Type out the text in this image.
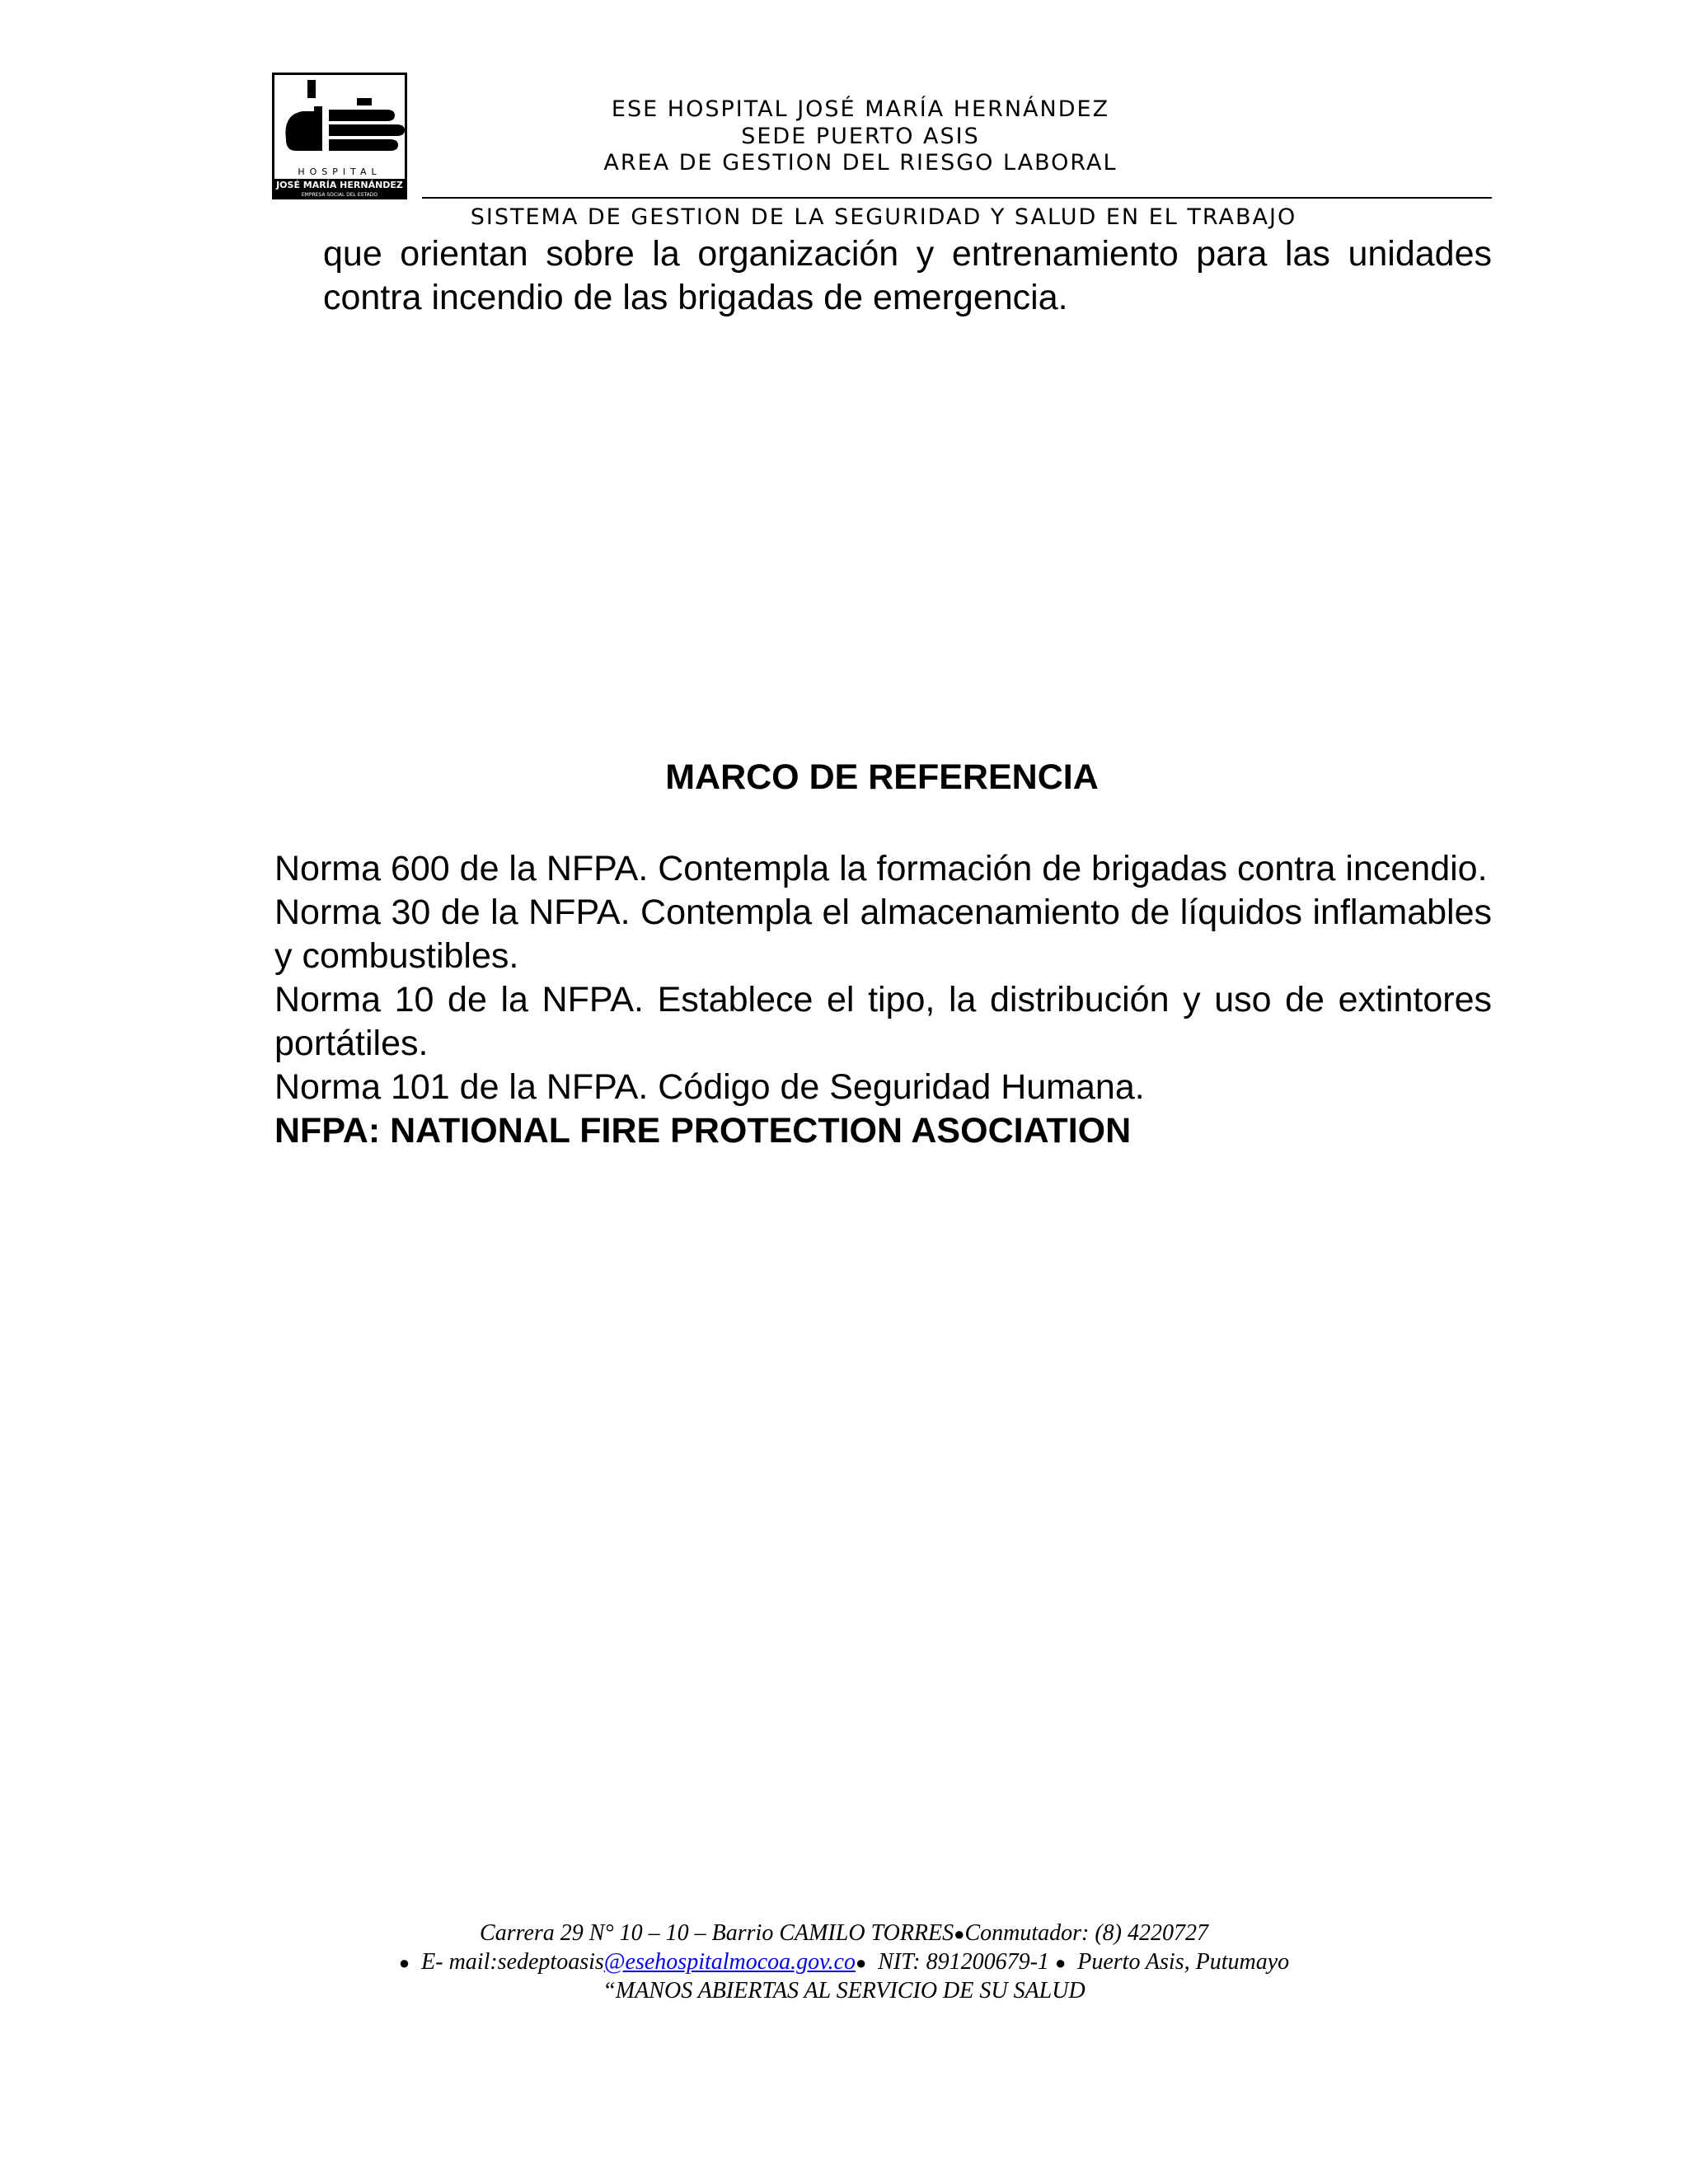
HOSPITAL
JOSÉ MARÍA HERNÁNDEZ
EMPRESA SOCIAL DEL ESTADO
ESE HOSPITAL JOSÉ MARÍA HERNÁNDEZ
SEDE PUERTO ASIS
AREA DE GESTION DEL RIESGO LABORAL
SISTEMA DE GESTION DE LA SEGURIDAD Y SALUD EN EL TRABAJO
que orientan sobre la organización y entrenamiento para las unidades contra incendio de las brigadas de emergencia.
MARCO DE REFERENCIA

Norma 600 de la NFPA. Contempla la formación de brigadas contra incendio.

Norma 30 de la NFPA. Contempla el almacenamiento de líquidos inflamables y combustibles.

Norma 10 de la NFPA. Establece el tipo, la distribución y uso de extintores portátiles.

Norma 101 de la NFPA. Código de Seguridad Humana.

NFPA: NATIONAL FIRE PROTECTION ASOCIATION

Carrera 29 N° 10 – 10 – Barrio CAMILO TORRES●Conmutador: (8) 4220727
● E- mail:sedeptoasis@esehospitalmocoa.gov.co● NIT: 891200679-1 ● Puerto Asis, Putumayo
“MANOS ABIERTAS AL SERVICIO DE SU SALUD
